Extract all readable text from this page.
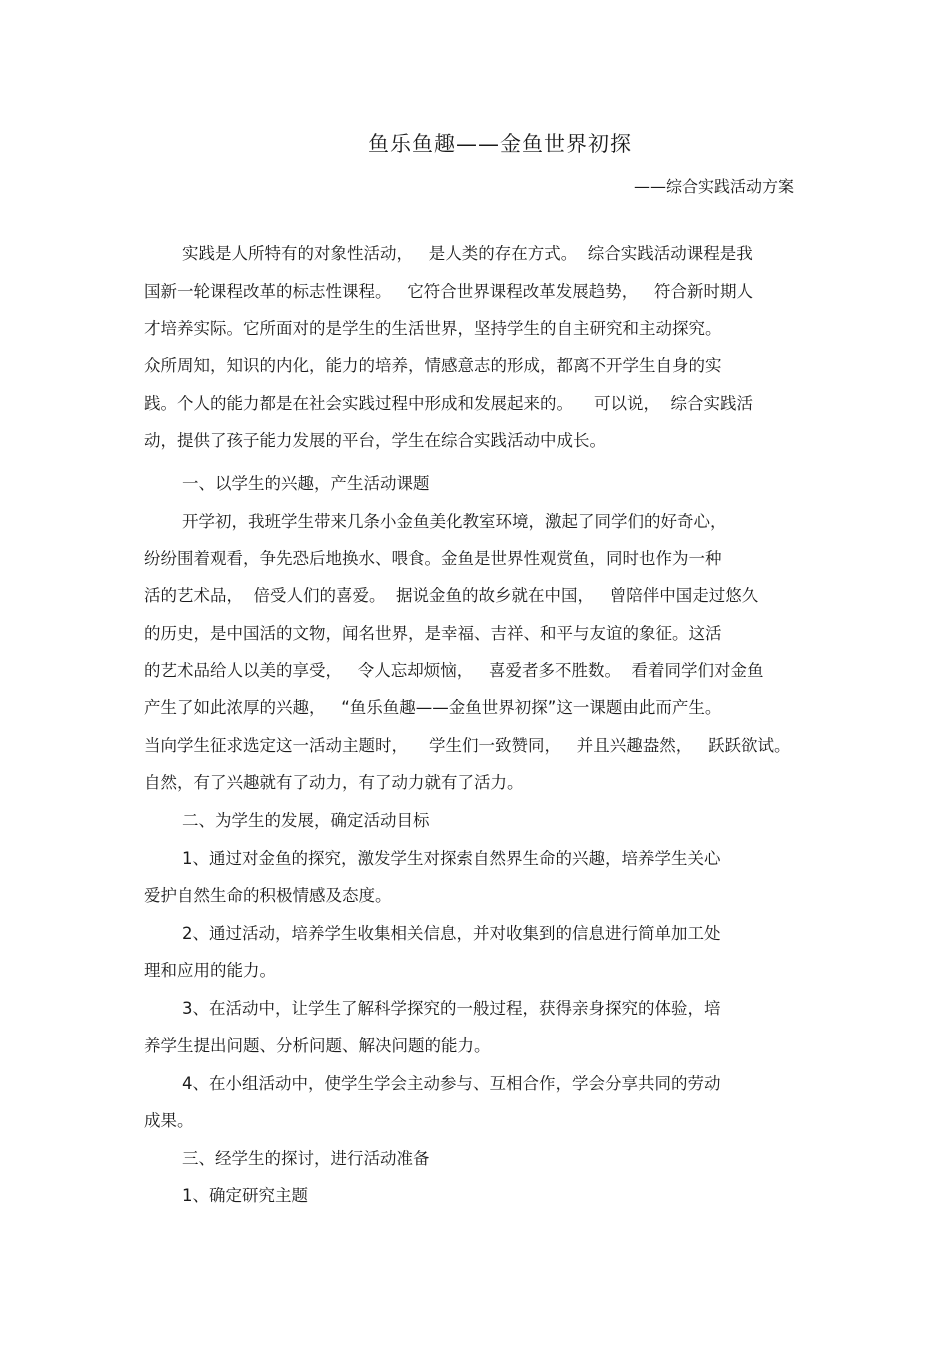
鱼乐鱼趣——金鱼世界初探
——综合实践活动方案
实践是人所特有的对象性活动，   是人类的存在方式。  综合实践活动课程是我
国新一轮课程改革的标志性课程。   它符合世界课程改革发展趋势，   符合新时期人
才培养实际。它所面对的是学生的生活世界，坚持学生的自主研究和主动探究。
众所周知，知识的内化，能力的培养，情感意志的形成，都离不开学生自身的实
践。个人的能力都是在社会实践过程中形成和发展起来的。    可以说，  综合实践活
动，提供了孩子能力发展的平台，学生在综合实践活动中成长。
一、以学生的兴趣，产生活动课题
开学初，我班学生带来几条小金鱼美化教室环境，激起了同学们的好奇心，
纷纷围着观看，争先恐后地换水、喂食。金鱼是世界性观赏鱼，同时也作为一种
活的艺术品，  倍受人们的喜爱。  据说金鱼的故乡就在中国，   曾陪伴中国走过悠久
的历史，是中国活的文物，闻名世界，是幸福、吉祥、和平与友谊的象征。这活
的艺术品给人以美的享受，   令人忘却烦恼，   喜爱者多不胜数。  看着同学们对金鱼
产生了如此浓厚的兴趣，   “鱼乐鱼趣——金鱼世界初探”这一课题由此而产生。
当向学生征求选定这一活动主题时，    学生们一致赞同，   并且兴趣盎然，   跃跃欲试。
自然，有了兴趣就有了动力，有了动力就有了活力。
二、为学生的发展，确定活动目标
1、通过对金鱼的探究，激发学生对探索自然界生命的兴趣，培养学生关心
爱护自然生命的积极情感及态度。
2、通过活动，培养学生收集相关信息，并对收集到的信息进行简单加工处
理和应用的能力。
3、在活动中，让学生了解科学探究的一般过程，获得亲身探究的体验，培
养学生提出问题、分析问题、解决问题的能力。
4、在小组活动中，使学生学会主动参与、互相合作，学会分享共同的劳动
成果。
三、经学生的探讨，进行活动准备
1、确定研究主题
